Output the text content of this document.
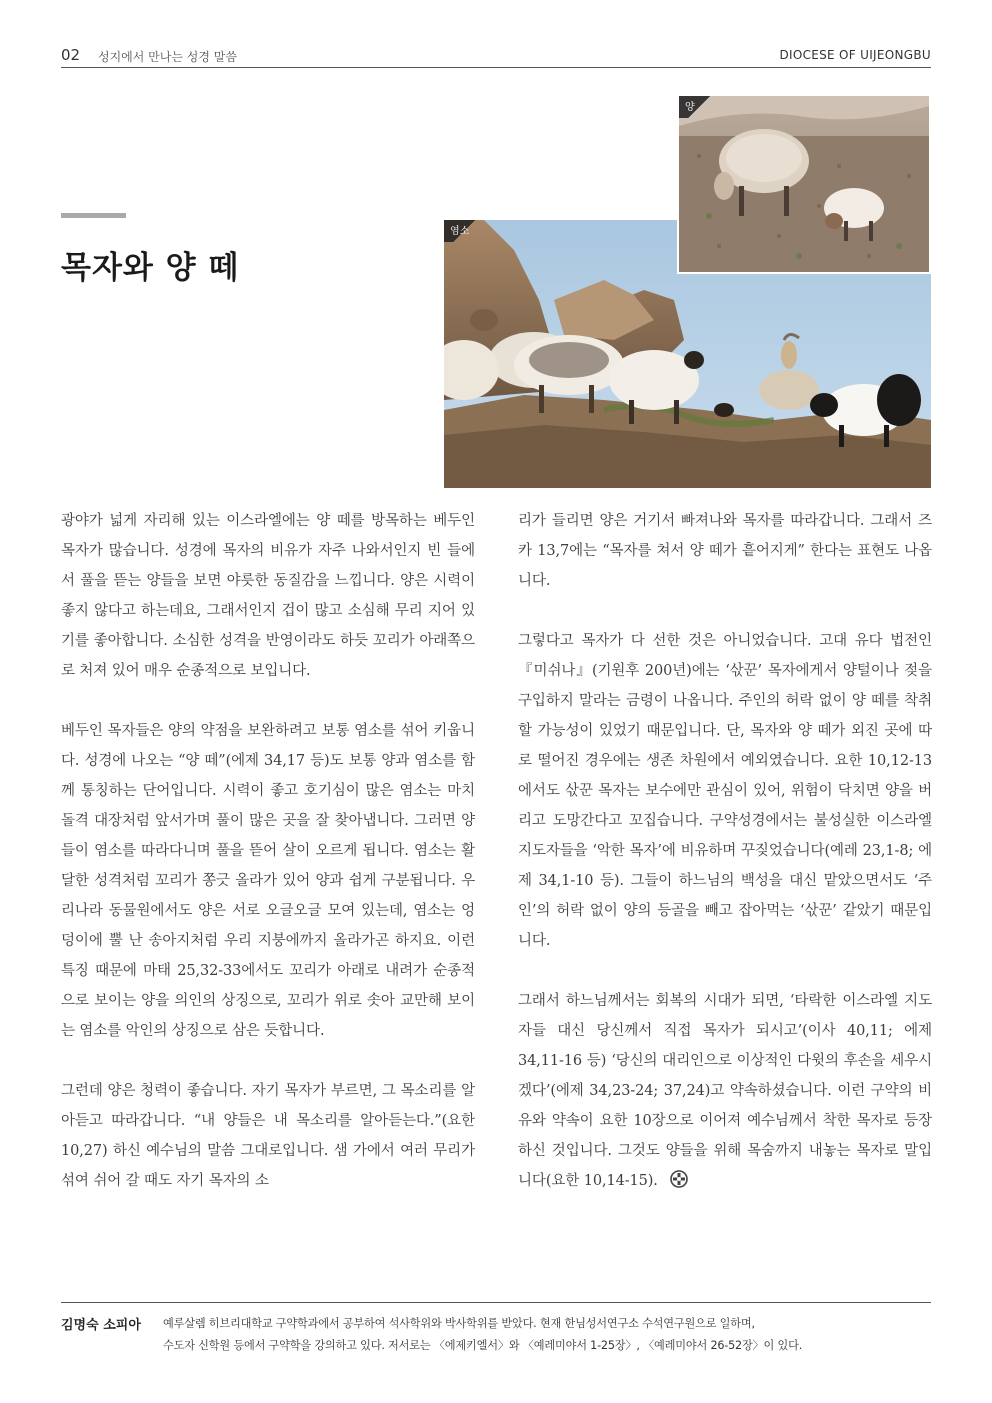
02 성지에서 만나는 성경 말씀	DIOCESE OF UIJEONGBU
목자와 양 떼
염소
양

광야가 넓게 자리해 있는 이스라엘에는 양 떼를 방목하는 베두인 목자가 많습니다. 성경에 목자의 비유가 자주 나와서인지 빈 들에서 풀을 뜯는 양들을 보면 야릇한 동질감을 느낍니다. 양은 시력이 좋지 않다고 하는데요, 그래서인지 겁이 많고 소심해 무리 지어 있기를 좋아합니다. 소심한 성격을 반영이라도 하듯 꼬리가 아래쪽으로 처져 있어 매우 순종적으로 보입니다.

베두인 목자들은 양의 약점을 보완하려고 보통 염소를 섞어 키웁니다. 성경에 나오는 “양 떼”(에제 34,17 등)도 보통 양과 염소를 함께 통칭하는 단어입니다. 시력이 좋고 호기심이 많은 염소는 마치 돌격 대장처럼 앞서가며 풀이 많은 곳을 잘 찾아냅니다. 그러면 양들이 염소를 따라다니며 풀을 뜯어 살이 오르게 됩니다. 염소는 활달한 성격처럼 꼬리가 쫑긋 올라가 있어 양과 쉽게 구분됩니다. 우리나라 동물원에서도 양은 서로 오글오글 모여 있는데, 염소는 엉덩이에 뿔 난 송아지처럼 우리 지붕에까지 올라가곤 하지요. 이런 특징 때문에 마태 25,32-33에서도 꼬리가 아래로 내려가 순종적으로 보이는 양을 의인의 상징으로, 꼬리가 위로 솟아 교만해 보이는 염소를 악인의 상징으로 삼은 듯합니다.

그런데 양은 청력이 좋습니다. 자기 목자가 부르면, 그 목소리를 알아듣고 따라갑니다. “내 양들은 내 목소리를 알아듣는다.”(요한 10,27) 하신 예수님의 말씀 그대로입니다. 샘 가에서 여러 무리가 섞여 쉬어 갈 때도 자기 목자의 소

리가 들리면 양은 거기서 빠져나와 목자를 따라갑니다. 그래서 즈카 13,7에는 “목자를 쳐서 양 떼가 흩어지게” 한다는 표현도 나옵니다.

그렇다고 목자가 다 선한 것은 아니었습니다. 고대 유다 법전인 『미쉬나』(기원후 200년)에는 ‘삯꾼’ 목자에게서 양털이나 젖을 구입하지 말라는 금령이 나옵니다. 주인의 허락 없이 양 떼를 착취할 가능성이 있었기 때문입니다. 단, 목자와 양 떼가 외진 곳에 따로 떨어진 경우에는 생존 차원에서 예외였습니다. 요한 10,12-13에서도 삯꾼 목자는 보수에만 관심이 있어, 위험이 닥치면 양을 버리고 도망간다고 꼬집습니다. 구약성경에서는 불성실한 이스라엘 지도자들을 ‘악한 목자’에 비유하며 꾸짖었습니다(예레 23,1-8; 에제 34,1-10 등). 그들이 하느님의 백성을 대신 맡았으면서도 ‘주인’의 허락 없이 양의 등골을 빼고 잡아먹는 ‘삯꾼’ 같았기 때문입니다.

그래서 하느님께서는 회복의 시대가 되면, ‘타락한 이스라엘 지도자들 대신 당신께서 직접 목자가 되시고’(이사 40,11; 에제 34,11-16 등) ‘당신의 대리인으로 이상적인 다윗의 후손을 세우시겠다’(에제 34,23-24; 37,24)고 약속하셨습니다. 이런 구약의 비유와 약속이 요한 10장으로 이어져 예수님께서 착한 목자로 등장하신 것입니다. 그것도 양들을 위해 목숨까지 내놓는 목자로 말입니다(요한 10,14-15).

김명숙 소피아 예루살렘 히브리대학교 구약학과에서 공부하여 석사학위와 박사학위를 받았다. 현재 한님성서연구소 수석연구원으로 일하며,
수도자 신학원 등에서 구약학을 강의하고 있다. 저서로는 〈에제키엘서〉와 〈예레미야서 1-25장〉, 〈예레미야서 26-52장〉이 있다.
